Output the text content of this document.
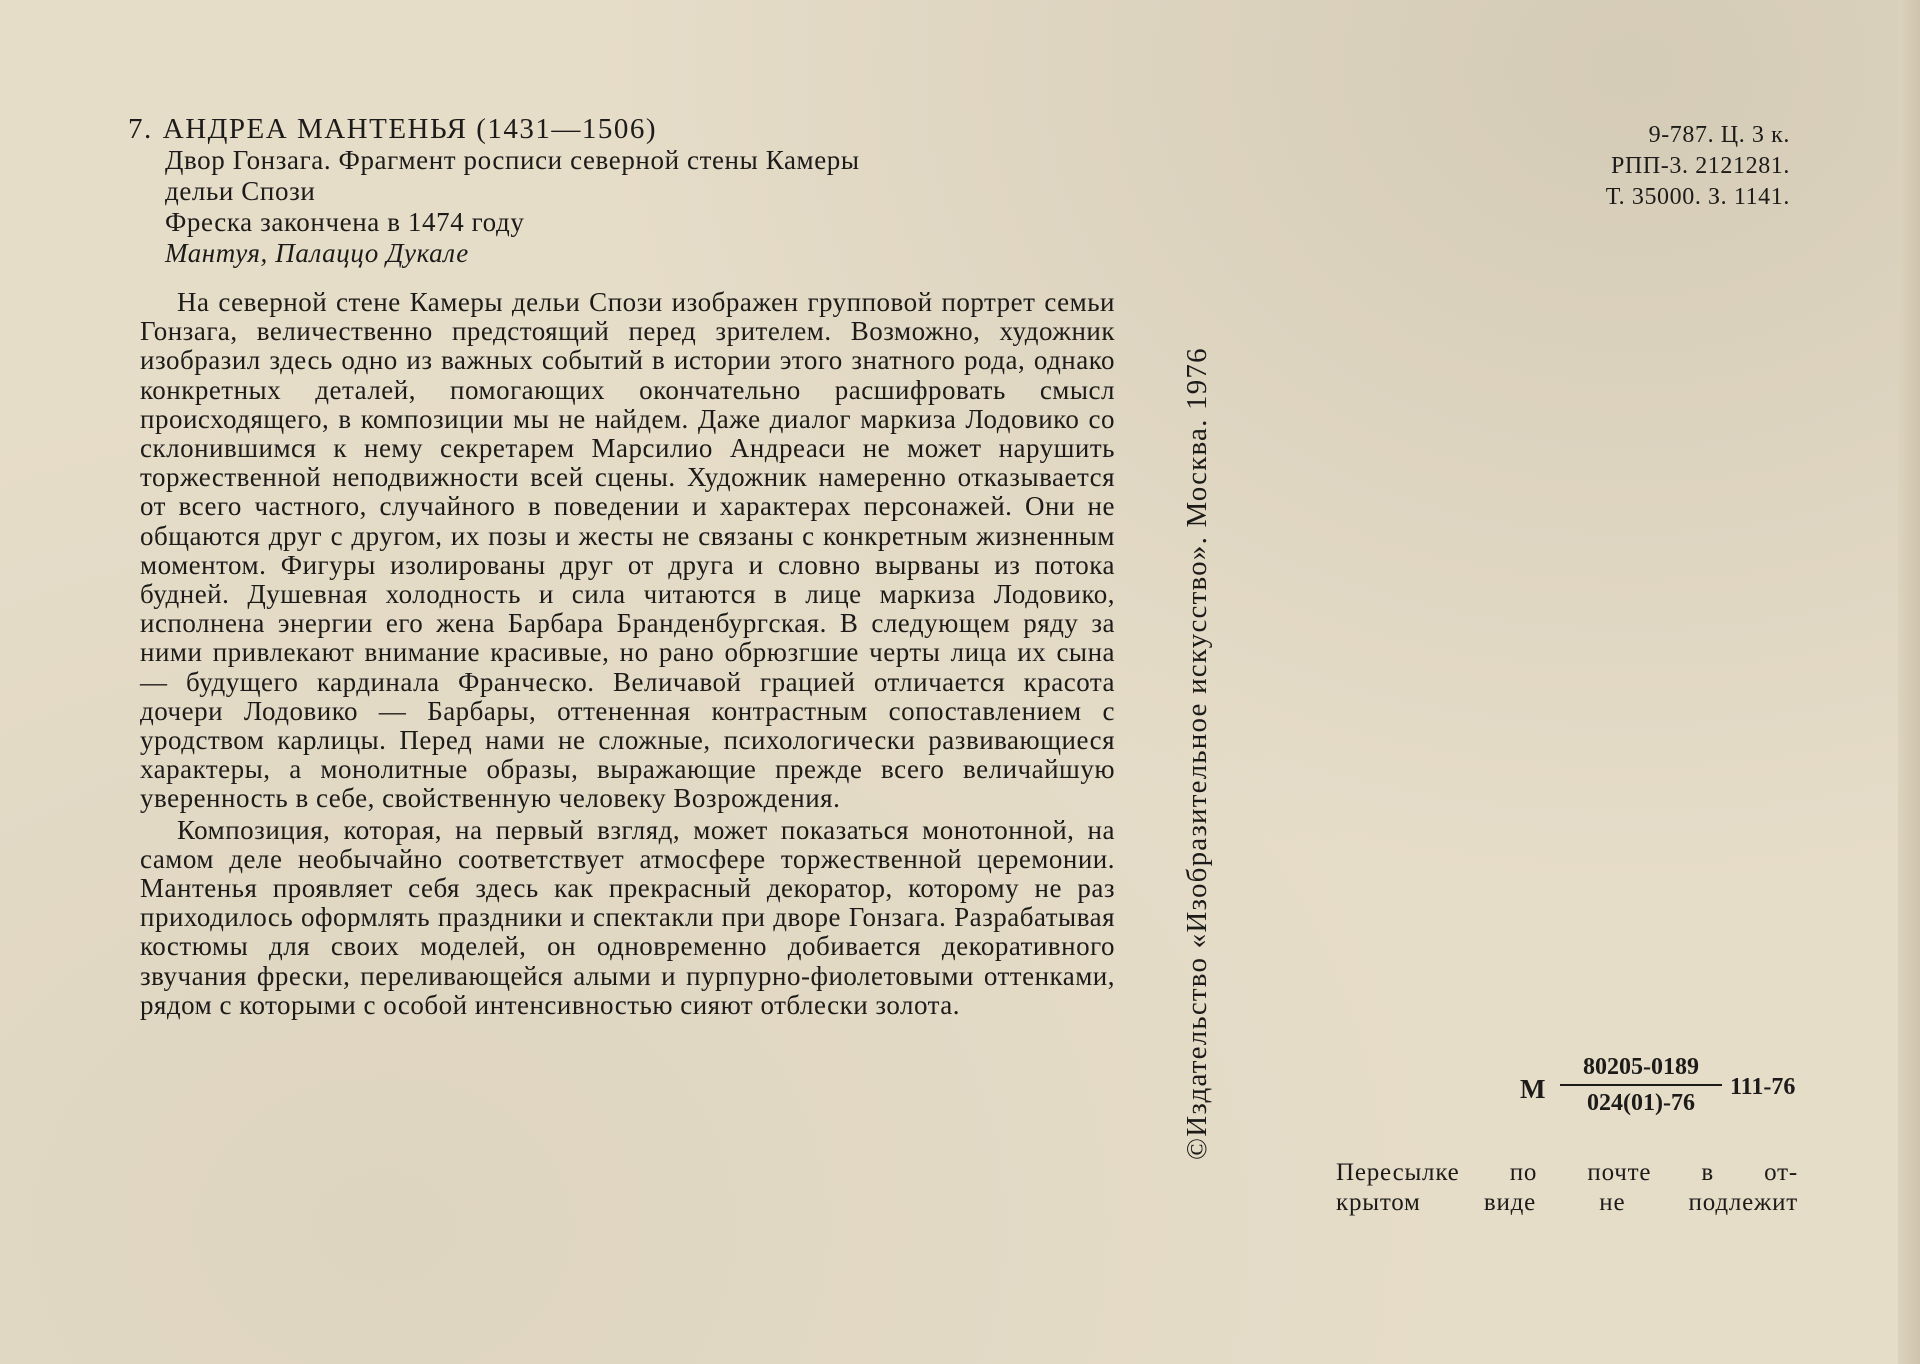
7. АНДРЕА МАНТЕНЬЯ (1431—1506)
Двор Гонзага. Фрагмент росписи северной стены Камеры
дельи Спози
Фреска закончена в 1474 году
Мантуя, Палаццо Дукале

На северной стене Камеры дельи Спози изображен групповой портрет семьи Гонзага, величественно предстоящий перед зрителем. Возможно, художник изобразил здесь одно из важных событий в истории этого знатного рода, однако конкретных деталей, помогающих окончательно расшифровать смысл происходящего, в композиции мы не найдем. Даже диалог маркиза Лодовико со склонившимся к нему секретарем Марсилио Андреаси не может нарушить торжественной неподвижности всей сцены. Художник намеренно отказывается от всего частного, случайного в поведении и характерах персонажей. Они не общаются друг с другом, их позы и жесты не связаны с конкретным жизненным моментом. Фигуры изолированы друг от друга и словно вырваны из потока будней. Душевная холодность и сила читаются в лице маркиза Лодовико, исполнена энергии его жена Барбара Бранденбургская. В следующем ряду за ними привлекают внимание красивые, но рано обрюзгшие черты лица их сына — будущего кардинала Франческо. Величавой грацией отличается красота дочери Лодовико — Барбары, оттененная контрастным сопоставлением с уродством карлицы. Перед нами не сложные, психологически развивающиеся характеры, а монолитные образы, выражающие прежде всего величайшую уверенность в себе, свойственную человеку Возрождения.

Композиция, которая, на первый взгляд, может показаться монотонной, на самом деле необычайно соответствует атмосфере торжественной церемонии. Мантенья проявляет себя здесь как прекрасный декоратор, которому не раз приходилось оформлять праздники и спектакли при дворе Гонзага. Разрабатывая костюмы для своих моделей, он одновременно добивается декоративного звучания фрески, переливающейся алыми и пурпурно-фиолетовыми оттенками, рядом с которыми с особой интенсивностью сияют отблески золота.	©Издательство «Изобразительное искусство». Москва. 1976
9-787. Ц. 3 к.
РПП-3. 2121281.
Т. 35000. З. 1141.
М
80205-0189
024(01)-76
111-76
Пересылке по почте в от-
крытом виде не подлежит
